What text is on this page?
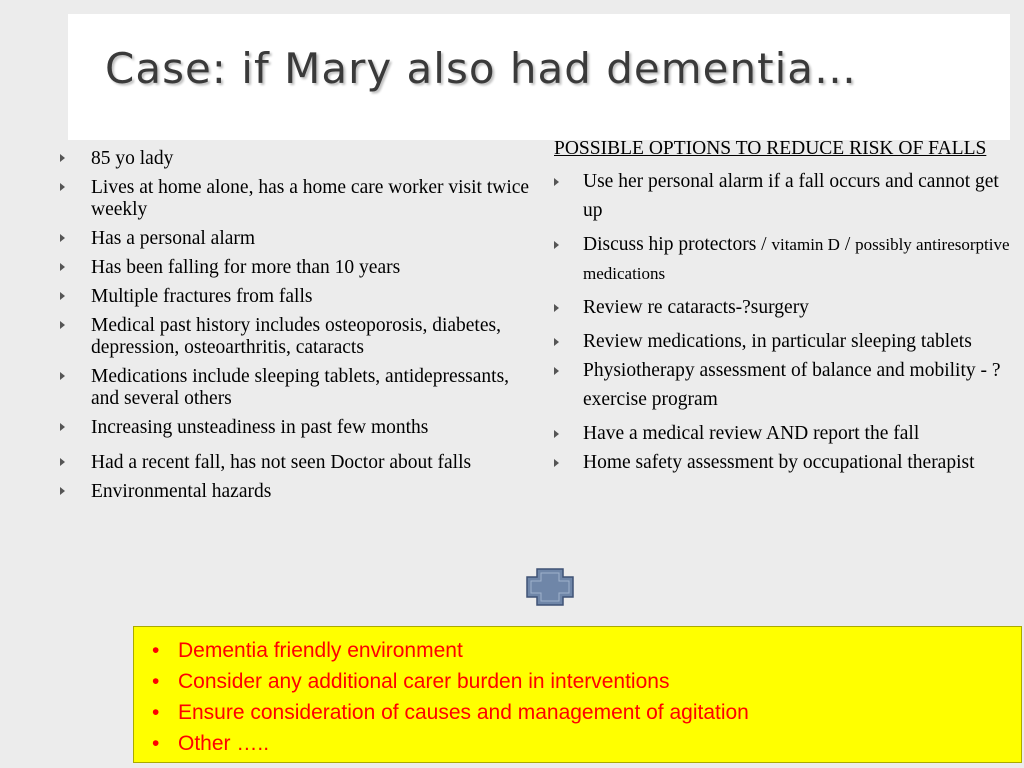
Case: if Mary also had dementia…
85 yo lady
Lives at home alone, has a home care worker visit twice weekly
Has a personal alarm
Has been falling for more than 10 years
Multiple fractures from falls
Medical past history includes osteoporosis, diabetes, depression, osteoarthritis, cataracts
Medications include sleeping tablets, antidepressants, and several others
Increasing unsteadiness in past few months
Had a recent fall, has not seen Doctor about falls
Environmental hazards
POSSIBLE OPTIONS TO REDUCE RISK OF FALLS
Use her personal alarm if a fall occurs and cannot get up
Discuss hip protectors / vitamin D / possibly antiresorptive medications
Review re cataracts-?surgery
Review medications, in particular sleeping tablets
Physiotherapy assessment of balance and mobility - ?exercise program
Have a medical review AND report the fall
Home safety assessment by occupational therapist
• Dementia friendly environment
• Consider any additional carer burden in interventions
• Ensure consideration of causes and management of agitation
• Other …..
